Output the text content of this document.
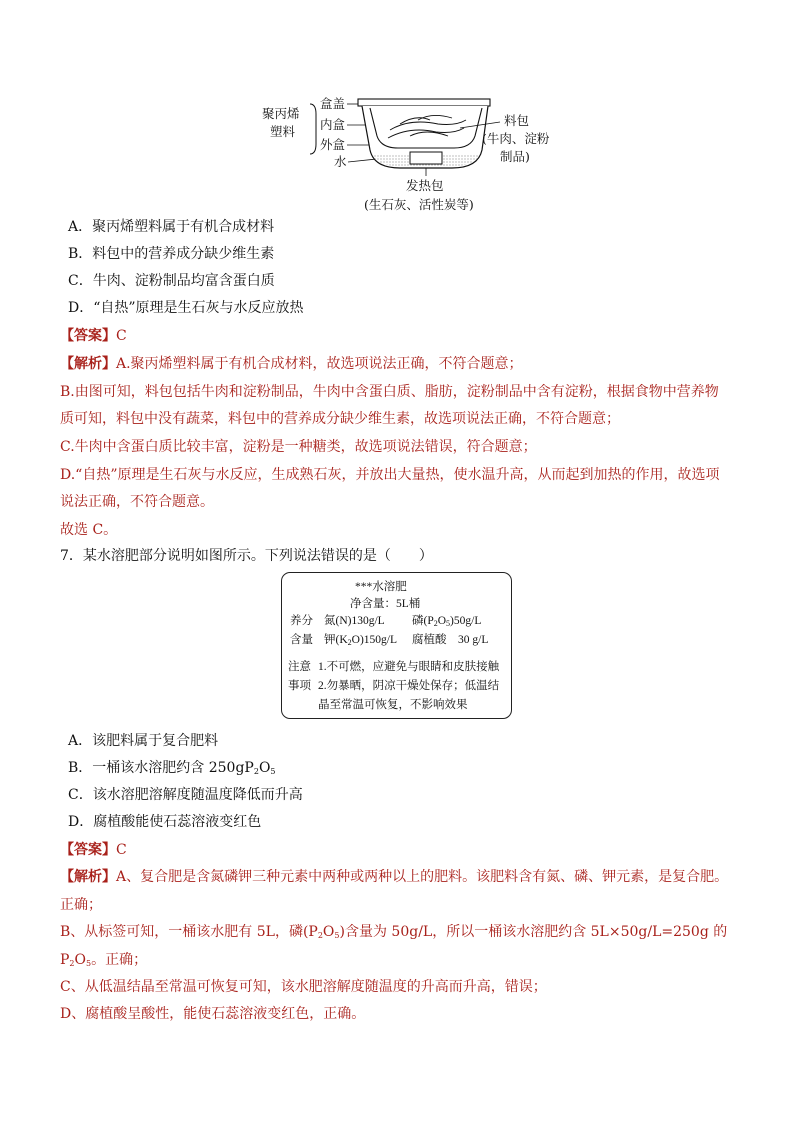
聚丙烯
塑料
盒盖
内盒
外盒
水
料包
(牛肉、淀粉
制品)
发热包
(生石灰、活性炭等)
A．聚丙烯塑料属于有机合成材料
B．料包中的营养成分缺少维生素
C．牛肉、淀粉制品均富含蛋白质
D．“自热”原理是生石灰与水反应放热
【答案】C
【解析】A.聚丙烯塑料属于有机合成材料，故选项说法正确，不符合题意；
B.由图可知，料包包括牛肉和淀粉制品，牛肉中含蛋白质、脂肪，淀粉制品中含有淀粉，根据食物中营养物
质可知，料包中没有蔬菜，料包中的营养成分缺少维生素，故选项说法正确，不符合题意；
C.牛肉中含蛋白质比较丰富，淀粉是一种糖类，故选项说法错误，符合题意；
D.“自热”原理是生石灰与水反应，生成熟石灰，并放出大量热，使水温升高，从而起到加热的作用，故选项
说法正确，不符合题意。
故选 C。
7．某水溶肥部分说明如图所示。下列说法错误的是（　　）
***水溶肥
净含量：5L桶
养分
含量
氮(N)130g/L 磷$(P_2O_5)50g/L$
钾$(K_2O)150g/L$ 腐植酸　30 g/L
注意
事项
1.不可燃，应避免与眼睛和皮肤接触
2.勿暴晒，阴凉干燥处保存；低温结
晶至常温可恢复，不影响效果
A．该肥料属于复合肥料
B．一桶该水溶肥约含 $250gP_2O_5$
C．该水溶肥溶解度随温度降低而升高
D．腐植酸能使石蕊溶液变红色
【答案】C
【解析】A、复合肥是含氮磷钾三种元素中两种或两种以上的肥料。该肥料含有氮、磷、钾元素，是复合肥。
正确；
B、从标签可知，一桶该水肥有 5L，磷$(P_2O_5)$含量为 50g/L，所以一桶该水溶肥约含 5L×50g/L=250g 的
$P_2O_5$。正确；
C、从低温结晶至常温可恢复可知，该水肥溶解度随温度的升高而升高，错误；
D、腐植酸呈酸性，能使石蕊溶液变红色，正确。
